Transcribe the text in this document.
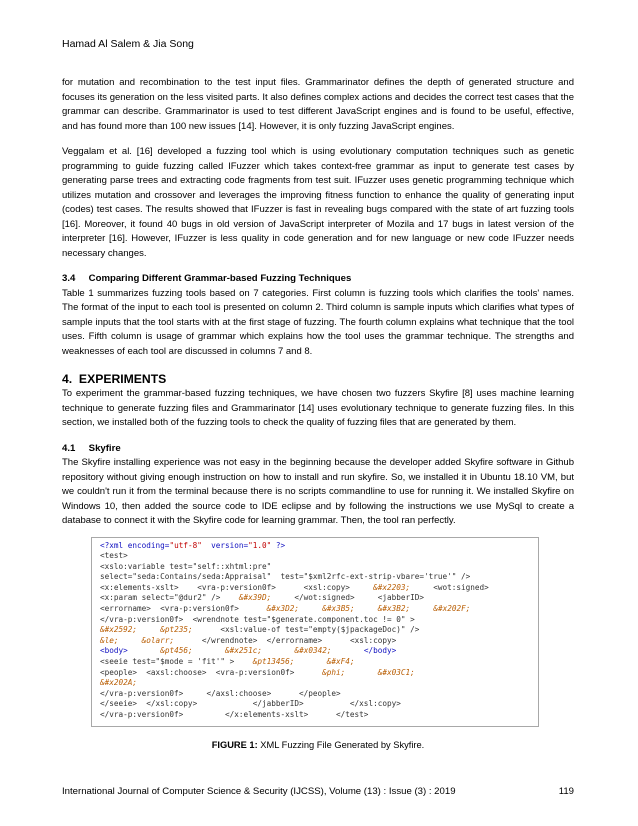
Hamad Al Salem & Jia Song

for mutation and recombination to the test input files. Grammarinator defines the depth of generated structure and focuses its generation on the less visited parts. It also defines complex actions and decides the correct test cases that the grammar can describe. Grammarinator is used to test different JavaScript engines and is found to be useful, effective, and has found more than 100 new issues [14]. However, it is only fuzzing JavaScript engines.

Veggalam et al. [16] developed a fuzzing tool which is using evolutionary computation techniques such as genetic programming to guide fuzzing called IFuzzer which takes context-free grammar as input to generate test cases by generating parse trees and extracting code fragments from test suit. IFuzzer uses genetic programming technique which utilizes mutation and crossover and leverages the improving fitness function to enhance the quality of generating input (codes) test cases. The results showed that IFuzzer is fast in revealing bugs compared with the state of art fuzzing tools [16]. Moreover, it found 40 bugs in old version of JavaScript interpreter of Mozila and 17 bugs in latest version of the interpreter [16]. However, IFuzzer is less quality in code generation and for new language or new code IFuzzer needs necessary changes.

3.4     Comparing Different Grammar-based Fuzzing Techniques

Table 1 summarizes fuzzing tools based on 7 categories. First column is fuzzing tools which clarifies the tools' names. The format of the input to each tool is presented on column 2. Third column is sample inputs which clarifies what types of sample inputs that the tool starts with at the first stage of fuzzing. The fourth column explains what technique that the tool uses. Fifth column is usage of grammar which explains how the tool uses the grammar technique. The strengths and weaknesses of each tool are discussed in columns 7 and 8.

4.  EXPERIMENTS

To experiment the grammar-based fuzzing techniques, we have chosen two fuzzers Skyfire [8] uses machine learning technique to generate fuzzing files and Grammarinator [14] uses evolutionary technique to generate fuzzing files. In this section, we installed both of the fuzzing tools to check the quality of fuzzing files that are generated by them.

4.1     Skyfire

The Skyfire installing experience was not easy in the beginning because the developer added Skyfire software in Github repository without giving enough instruction on how to install and run skyfire. So, we installed it in Ubuntu 18.10 VM, but we couldn't run it from the terminal because there is no scripts commandline to use for running it. We installed Skyfire on Windows 10, then added the source code to IDE eclipse and by following the instructions we use MySql to create a database to connect it with the Skyfire code for learning grammar. Then, the tool ran perfectly.

<?xml encoding="utf-8"  version="1.0" ?>
<test>
<xslo:variable test="self::xhtml:pre"
select="seda:Contains/seda:Appraisal"  test="$xml2rfc-ext-strip-vbare='true'" />
<x:elements-xslt>    <vra-p:version0f>      <xsl:copy>     &#x2203;     <wot:signed>
<x:param select="@dur2" />    &#x39D;     </wot:signed>     <jabberID>
<errorname>  <vra-p:version0f>      &#x3D2;	&#x3B5;	&#x3B2;	&#x202F;
</vra-p:version0f>  <wrendnote test="$generate.component.toc != 0" >
&#x2592;	&pt235;      <xsl:value-of test="empty($jpackageDoc)" />
&le;	&olarr;      </wrendnote>  </errorname>      <xsl:copy>
<body>	&pt456;	&#x251c;	&#x0342;       </body>
<seeie test="$mode = 'fit'" >    &pt13456;	&#xF4;
<people>  <axsl:choose>  <vra-p:version0f>      &phi;	&#x03C1;
&#x202A;
</vra-p:version0f>     </axsl:choose>      </people>
</seeie>  </xsl:copy>            </jabberID>          </xsl:copy>
</vra-p:version0f>         </x:elements-xslt>      </test>
FIGURE 1: XML Fuzzing File Generated by Skyfire.
International Journal of Computer Science & Security (IJCSS), Volume (13) : Issue (3) : 2019	119
